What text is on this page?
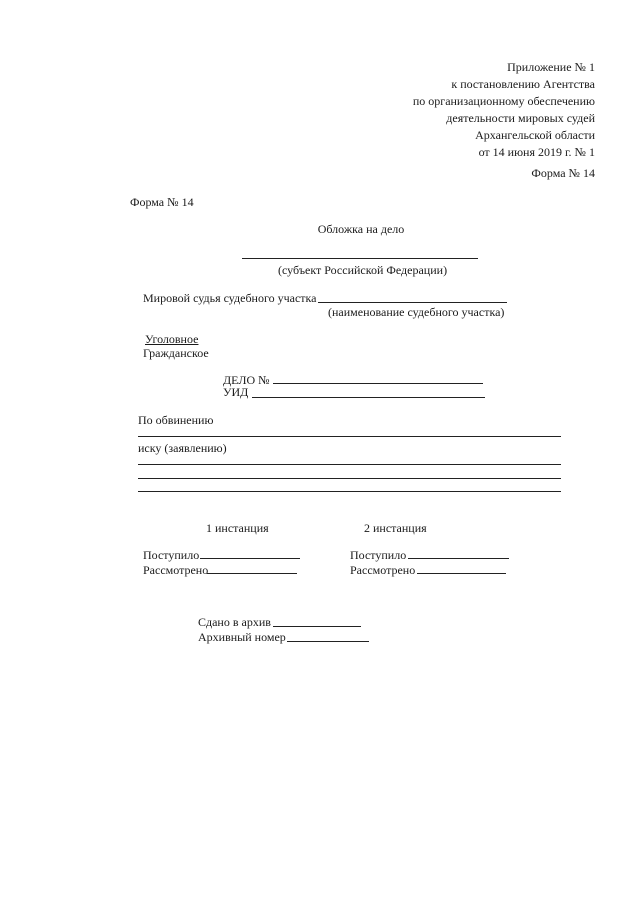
Приложение № 1
к постановлению Агентства
по организационному обеспечению
деятельности мировых судей
Архангельской области
от 14 июня 2019 г. № 1
Форма № 14
Форма № 14
Обложка на дело
(субъект Российской Федерации)
Мировой судья судебного участка
(наименование судебного участка)
Уголовное
Гражданское
ДЕЛО №
УИД
По обвинению
иску (заявлению)
1 инстанция	2 инстанция
Поступило
Рассмотрено
Поступило
Рассмотрено
Сдано в архив
Архивный номер
